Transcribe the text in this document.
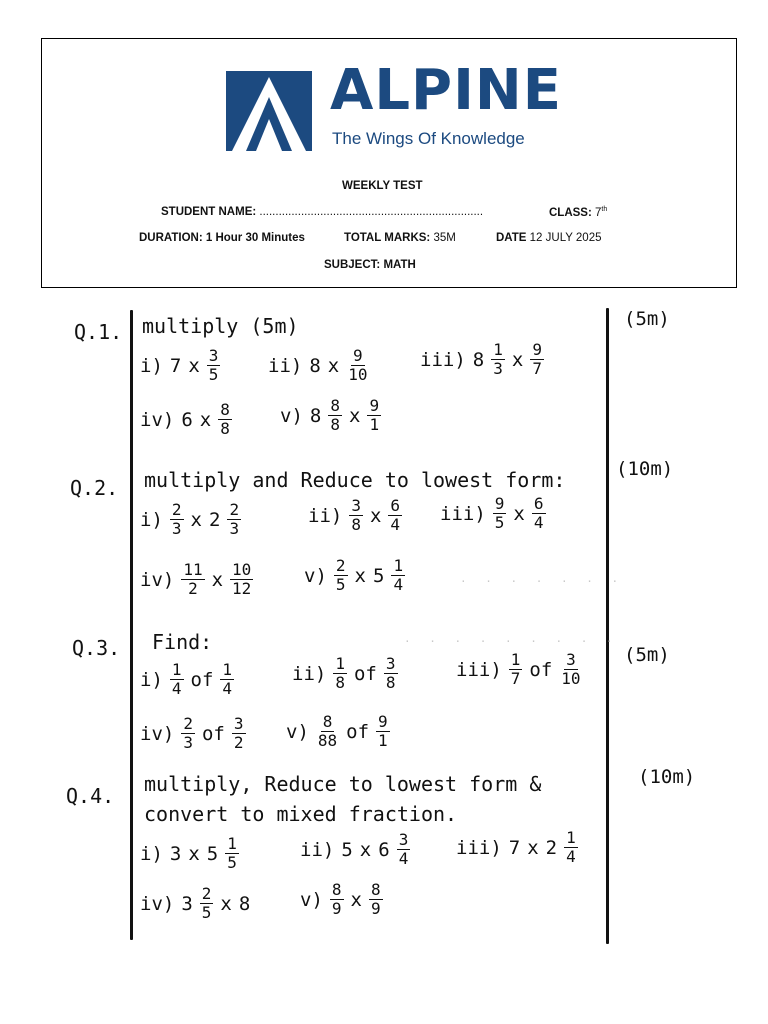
ALPINE
The Wings Of Knowledge
WEEKLY TEST
STUDENT NAME: ......................................................................	CLASS: 7th
DURATION: 1 Hour 30 Minutes	TOTAL MARKS: 35M	DATE 12 JULY 2025
SUBJECT: MATH
Q.1. multiply (5m)	(5m)
i) 7 x $\frac{3}{5}$	ii) 8 x $\frac{9}{10}$	iii) $8 \frac{1}{3}$ x $\frac{9}{7}$
iv) 6 x $\frac{8}{8}$	v) $8 \frac{8}{8}$ x $\frac{9}{1}$
Q.2. multiply and Reduce to lowest form:	(10m)
$i) \frac{2}{3}$ x $2 \frac{2}{3}$	$ii) \frac{3}{8}$ x $\frac{6}{4} iii) \frac{9}{5}$ x $\frac{6}{4}$
$iv) \frac{11}{2}$ x $\frac{10}{12}$	$v) \frac{2}{5}$ x $5 \frac{1}{4}$	. . . . . . .
Q.3. Find:
(5m)
. . . . . . . . .
$i) \frac{1}{4}$ of $\frac{1}{4}$	$ii) \frac{1}{8}$ of $\frac{3}{8}$	$iii) \frac{1}{7}$ of $\frac{3}{10}$
$iv) \frac{2}{3}$ of $\frac{3}{2} v) \frac{8}{88}$ of $\frac{9}{1}$
Q.4. multiply, Reduce to lowest form &
convert to mixed fraction.
(10m)
i) 3 x $5 \frac{1}{5}$	ii) 5 x $6 \frac{3}{4} iii$) 7 x $2 \frac{1}{4}$
iv) $3 \frac{2}{5}$ x 8	$v) \frac{8}{9}$ x $\frac{8}{9}$
